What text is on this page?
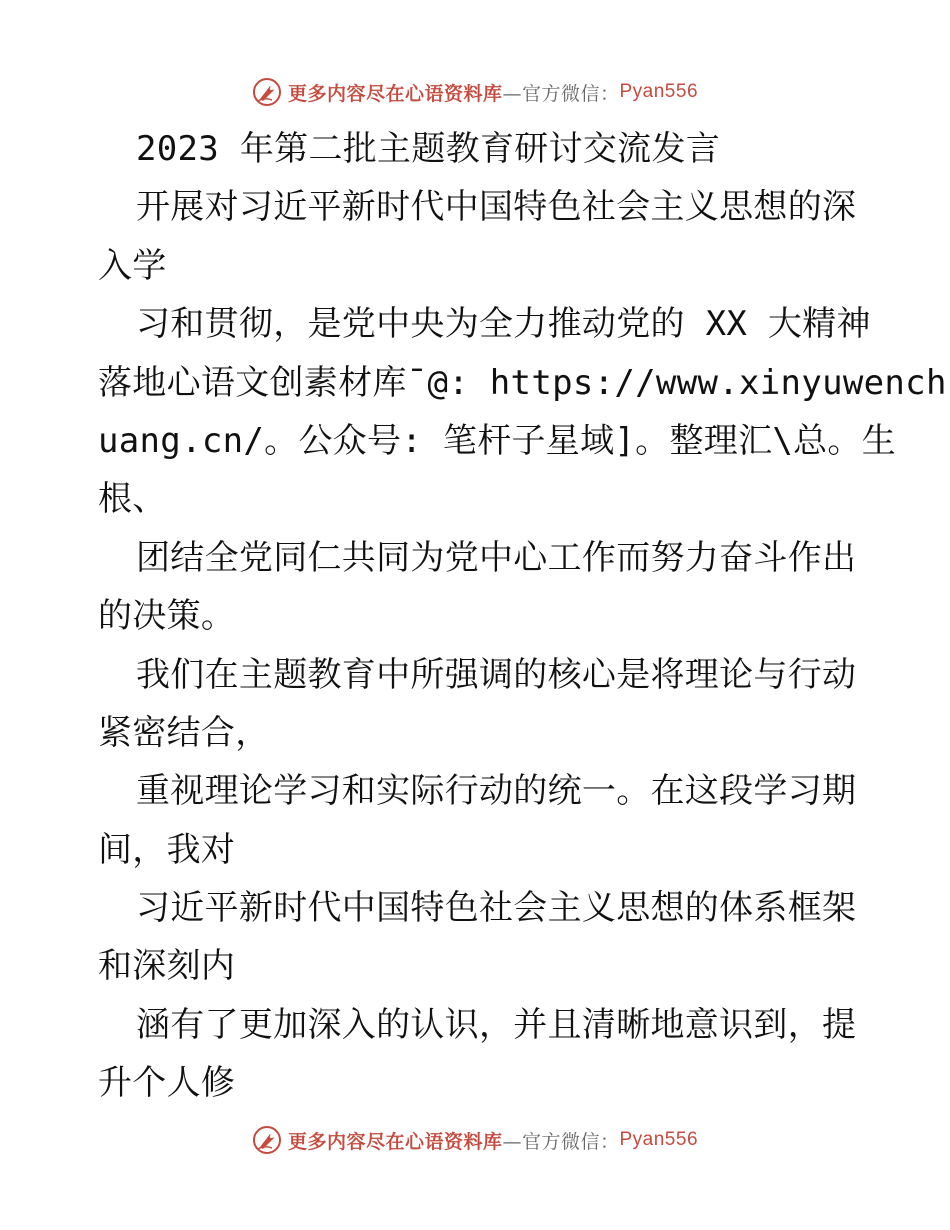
更多内容尽在心语资料库 —官方微信： Pyan556
2023 年第二批主题教育研讨交流发言
开展对习近平新时代中国特色社会主义思想的深
入学
习和贯彻，是党中央为全力推动党的 XX 大精神
落地心语文创素材库¯@: https://www.xinyuwench
uang.cn/。公众号: 笔杆子星域]。整理汇\总。生
根、
团结全党同仁共同为党中心工作而努力奋斗作出
的决策。
我们在主题教育中所强调的核心是将理论与行动
紧密结合，
重视理论学习和实际行动的统一。在这段学习期
间，我对
习近平新时代中国特色社会主义思想的体系框架
和深刻内
涵有了更加深入的认识，并且清晰地意识到，提
升个人修
更多内容尽在心语资料库 —官方微信： Pyan556
